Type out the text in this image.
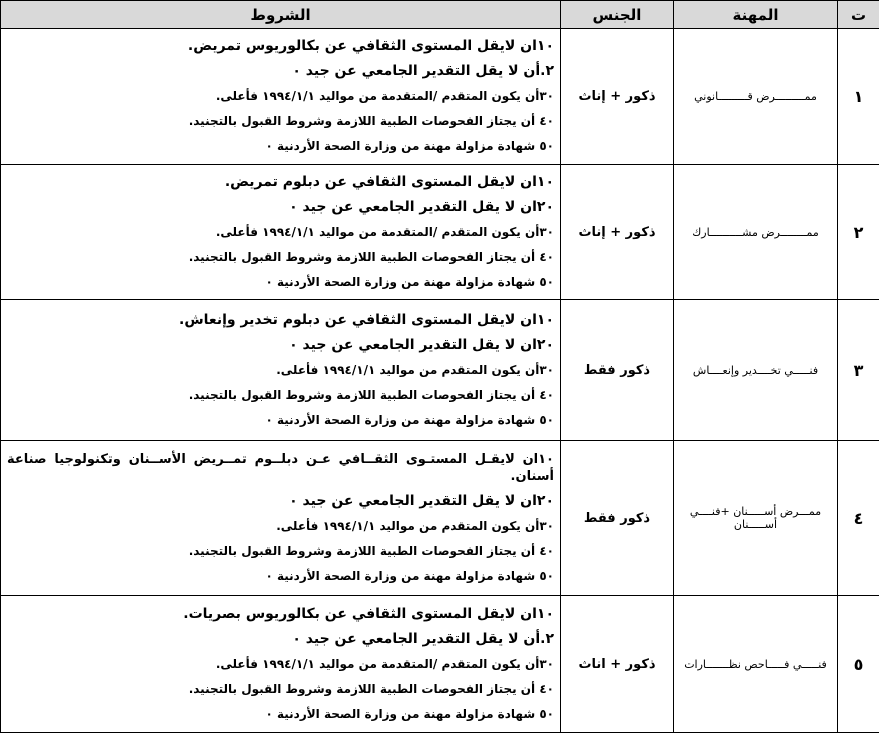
ت	المهنة	الجنس	الشروط
١	ممـــــــــرض قـــــــــانوني	ذكور + إناث	١٠ان لايقل المستوى الثقافي عن بكالوريوس تمريض.
٢.أن لا يقل التقدير الجامعي عن جيد ٠
٣٠أن يكون المتقدم /المتقدمة من مواليد ١٩٩٤/١/١ فأعلى.
٤٠ أن يجتاز الفحوصات الطبية اللازمة وشروط القبول بالتجنيد.
٥٠ شهادة مزاولة مهنة من وزارة الصحة الأردنية ٠

٢	ممــــــــرض مشــــــــــارك	ذكور + إناث	١٠ان لايقل المستوى الثقافي عن دبلوم تمريض.
٢٠ان لا يقل التقدير الجامعي عن جيد ٠
٣٠أن يكون المتقدم /المتقدمة من مواليد ١٩٩٤/١/١ فأعلى.
٤٠ أن يجتاز الفحوصات الطبية اللازمة وشروط القبول بالتجنيد.
٥٠ شهادة مزاولة مهنة من وزارة الصحة الأردنية ٠

٣	فنـــــي تخــــدير وإنعــــاش	ذكور فقط	١٠ان لايقل المستوى الثقافي عن دبلوم تخدير وإنعاش.
٢٠ان لا يقل التقدير الجامعي عن جيد ٠
٣٠أن يكون المتقدم من مواليد ١٩٩٤/١/١ فأعلى.
٤٠ أن يجتاز الفحوصات الطبية اللازمة وشروط القبول بالتجنيد.
٥٠ شهادة مزاولة مهنة من وزارة الصحة الأردنية ٠

٤	ممـــرض أســـــنان +فنــــي أســـــنان	ذكور فقط	١٠ان لايقـل المستـوى الثقــافي عـن دبلــوم تمــريض الأســنان وتكنولوجيا صناعة أسنان.
٢٠ان لا يقل التقدير الجامعي عن جيد ٠
٣٠أن يكون المتقدم من مواليد ١٩٩٤/١/١ فأعلى.
٤٠ أن يجتاز الفحوصات الطبية اللازمة وشروط القبول بالتجنيد.
٥٠ شهادة مزاولة مهنة من وزارة الصحة الأردنية ٠

٥	فنـــــي فـــــاحص نظـــــــارات	ذكور + اناث	١٠ان لايقل المستوى الثقافي عن بكالوريوس بصريات.
٢.أن لا يقل التقدير الجامعي عن جيد ٠
٣٠أن يكون المتقدم /المتقدمة من مواليد ١٩٩٤/١/١ فأعلى.
٤٠ أن يجتاز الفحوصات الطبية اللازمة وشروط القبول بالتجنيد.
٥٠ شهادة مزاولة مهنة من وزارة الصحة الأردنية ٠
